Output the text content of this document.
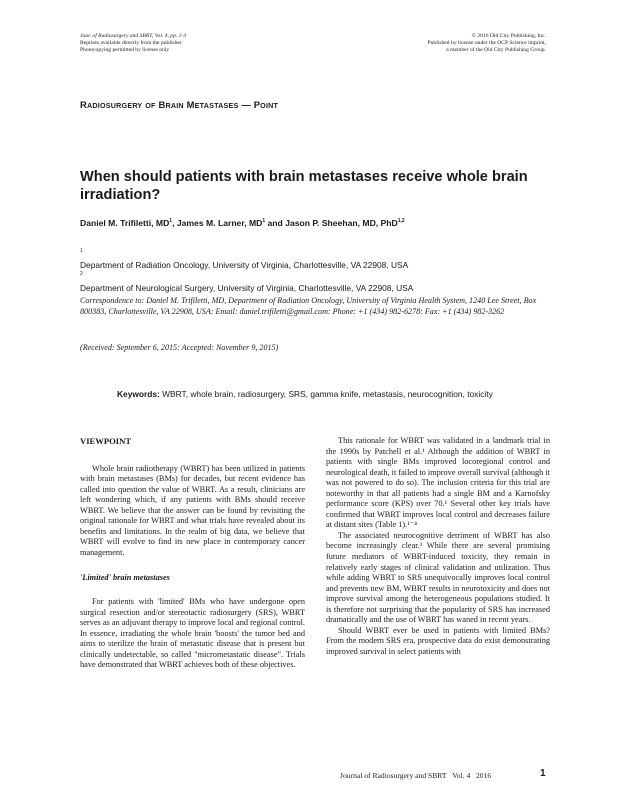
Jour. of Radiosurgery and SBRT, Vol. 4, pp. 1-3
Reprints available directly from the publisher
Photocopying permitted by license only
© 2016 Old City Publishing, Inc.
Published by license under the OCP Science imprint,
a member of the Old City Publishing Group.
RADIOSURGERY OF BRAIN METASTASES — POINT
When should patients with brain metastases receive whole brain irradiation?
Daniel M. Trifiletti, $MD^1$, James M. Larner, $MD^1$ and Jason P. Sheehan, MD, PhD$^{1,2}$
$^1$
Department of Radiation Oncology, University of Virginia, Charlottesville, VA 22908, USA
$^2$
Department of Neurological Surgery, University of Virginia, Charlottesville, VA 22908, USA
Correspondence to: Daniel M. Trifiletti, MD, Department of Radiation Oncology, University of Virginia Health System, 1240 Lee Street, Box 800383, Charlottesville, VA 22908, USA: Email: daniel.trifiletti@gmail.com: Phone: +1 (434) 982-6278: Fax: +1 (434) 982-3262
(Received: September 6, 2015: Accepted: November 9, 2015)
Keywords: WBRT, whole brain, radiosurgery, SRS, gamma knife, metastasis, neurocognition, toxicity

VIEWPOINT

Whole brain radiotherapy (WBRT) has been utilized in patients with brain metastases (BMs) for decades, but recent evidence has called into question the value of WBRT. As a result, clinicians are left wondering which, if any patients with BMs should receive WBRT. We believe that the answer can be found by revisiting the original rationale for WBRT and what trials have revealed about its benefits and limitations. In the realm of big data, we believe that WBRT will evolve to find its new place in contemporary cancer management.

'Limited' brain metastases

For patients with 'limited' BMs who have undergone open surgical resection and/or stereotactic radiosurgery (SRS), WBRT serves as an adjuvant therapy to improve local and regional control. In essence, irradiating the whole brain 'boosts' the tumor bed and aims to sterilize the brain of metastatic disease that is present but clinically undetectable, so called "micrometastatic disease". Trials have demonstrated that WBRT achieves both of these objectives.

This rationale for WBRT was validated in a landmark trial in the 1990s by Patchell et al.¹ Although the addition of WBRT in patients with single BMs improved locoregional control and neurological death, it failed to improve overall survival (although it was not powered to do so). The inclusion criteria for this trial are noteworthy in that all patients had a single BM and a Karnofsky performance score (KPS) over 70.¹ Several other key trials have confirmed that WBRT improves local control and decreases failure at distant sites (Table 1).¹⁻⁴

The associated neurocognitive detriment of WBRT has also become increasingly clear.³ While there are several promising future mediators of WBRT-induced toxicity, they remain in relatively early stages of clinical validation and utilization. Thus while adding WBRT to SRS unequivocally improves local control and prevents new BM, WBRT results in neurotoxicity and does not improve survival among the heterogeneous populations studied. It is therefore not surprising that the popularity of SRS has increased dramatically and the use of WBRT has waned in recent years.

Should WBRT ever be used in patients with limited BMs? From the modern SRS era, prospective data do exist demonstrating improved survival in select patients with

Journal of Radiosurgery and SBRT Vol. 4 2016	1
